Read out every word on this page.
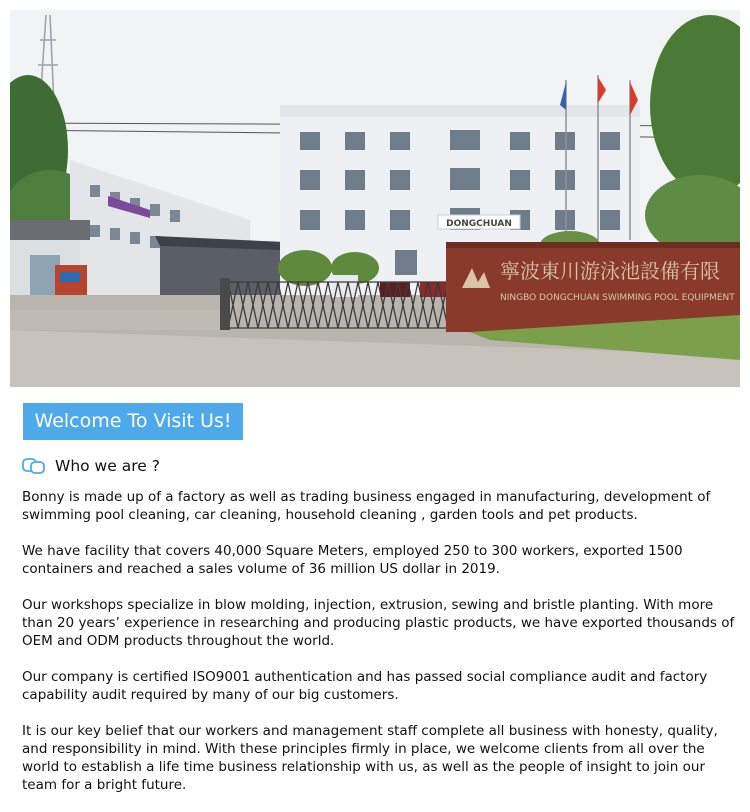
DONGCHUAN
寧波東川游泳池設備有限
NINGBO DONGCHUAN SWIMMING POOL EQUIPMENT
Welcome To Visit Us!
Who we are ?

Bonny is made up of a factory as well as trading business engaged in manufacturing, development of swimming pool cleaning, car cleaning, household cleaning , garden tools and pet products.

We have facility that covers 40,000 Square Meters, employed 250 to 300 workers, exported 1500 containers and reached a sales volume of 36 million US dollar in 2019.

Our workshops specialize in blow molding, injection, extrusion, sewing and bristle planting. With more than 20 years’ experience in researching and producing plastic products, we have exported thousands of OEM and ODM products throughout the world.

Our company is certified ISO9001 authentication and has passed social compliance audit and factory capability audit required by many of our big customers.

It is our key belief that our workers and management staff complete all business with honesty, quality, and responsibility in mind. With these principles firmly in place, we welcome clients from all over the world to establish a life time business relationship with us, as well as the people of insight to join our team for a bright future.
